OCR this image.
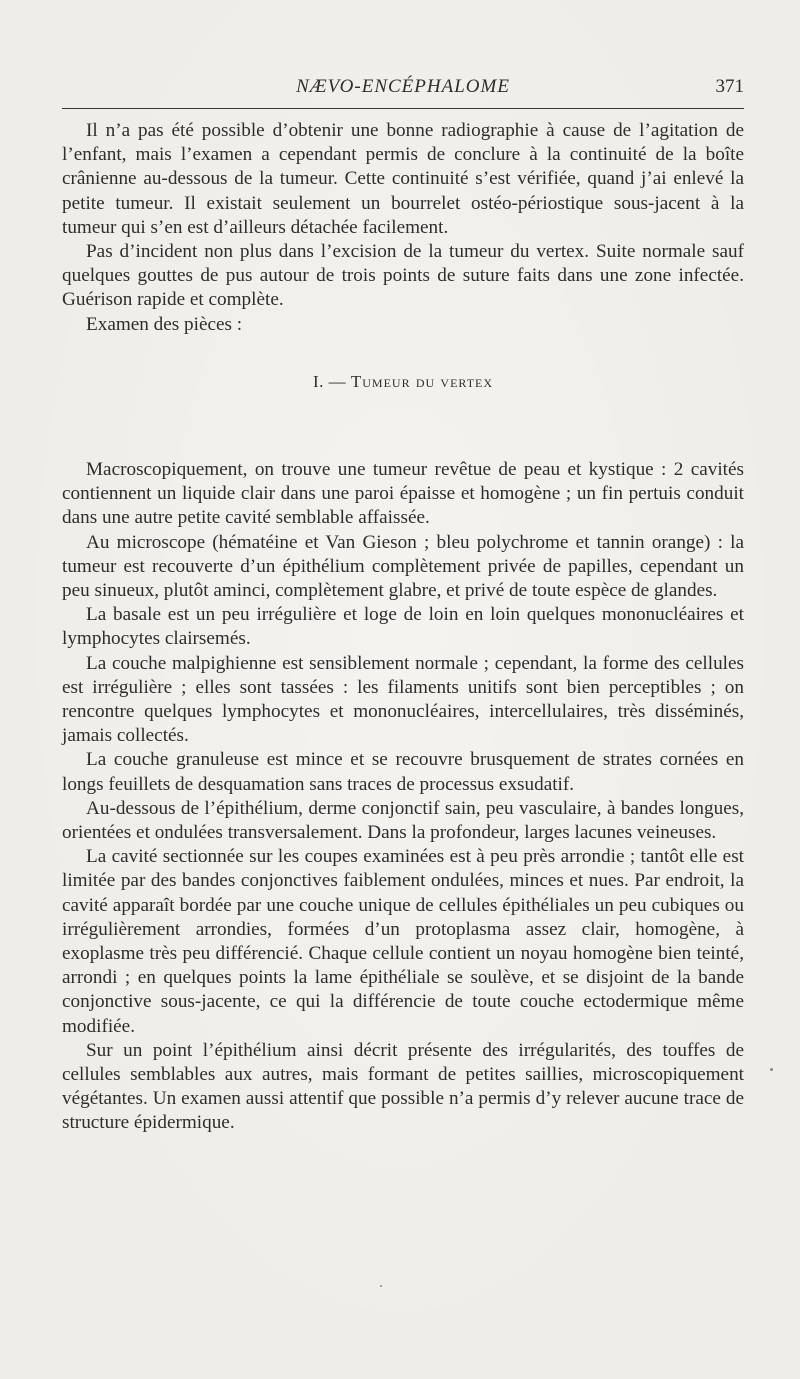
NÆVO-ENCÉPHALOME	371

Il n’a pas été possible d’obtenir une bonne radiographie à cause de l’agitation de l’enfant, mais l’examen a cependant permis de conclure à la continuité de la boîte crânienne au-dessous de la tumeur. Cette continuité s’est vérifiée, quand j’ai enlevé la petite tumeur. Il existait seulement un bourrelet ostéo-périostique sous-jacent à la tumeur qui s’en est d’ailleurs détachée facilement.

Pas d’incident non plus dans l’excision de la tumeur du vertex. Suite normale sauf quelques gouttes de pus autour de trois points de suture faits dans une zone infectée. Guérison rapide et complète.

Examen des pièces :

I. — Tumeur du vertex

Macroscopiquement, on trouve une tumeur revêtue de peau et kystique : 2 cavités contiennent un liquide clair dans une paroi épaisse et homogène ; un fin pertuis conduit dans une autre petite cavité semblable affaissée.

Au microscope (hématéine et Van Gieson ; bleu polychrome et tannin orange) : la tumeur est recouverte d’un épithélium complètement privée de papilles, cependant un peu sinueux, plutôt aminci, complètement glabre, et privé de toute espèce de glandes.

La basale est un peu irrégulière et loge de loin en loin quelques mononucléaires et lymphocytes clairsemés.

La couche malpighienne est sensiblement normale ; cependant, la forme des cellules est irrégulière ; elles sont tassées : les filaments unitifs sont bien perceptibles ; on rencontre quelques lymphocytes et mononucléaires, intercellulaires, très disséminés, jamais collectés.

La couche granuleuse est mince et se recouvre brusquement de strates cornées en longs feuillets de desquamation sans traces de processus exsudatif.

Au-dessous de l’épithélium, derme conjonctif sain, peu vasculaire, à bandes longues, orientées et ondulées transversalement. Dans la profondeur, larges lacunes veineuses.

La cavité sectionnée sur les coupes examinées est à peu près arrondie ; tantôt elle est limitée par des bandes conjonctives faiblement ondulées, minces et nues. Par endroit, la cavité apparaît bordée par une couche unique de cellules épithéliales un peu cubiques ou irrégulièrement arrondies, formées d’un protoplasma assez clair, homogène, à exoplasme très peu différencié. Chaque cellule contient un noyau homogène bien teinté, arrondi ; en quelques points la lame épithéliale se soulève, et se disjoint de la bande conjonctive sous-jacente, ce qui la différencie de toute couche ectodermique même modifiée.

Sur un point l’épithélium ainsi décrit présente des irrégularités, des touffes de cellules semblables aux autres, mais formant de petites saillies, microscopiquement végétantes. Un examen aussi attentif que possible n’a permis d’y relever aucune trace de structure épidermique.
